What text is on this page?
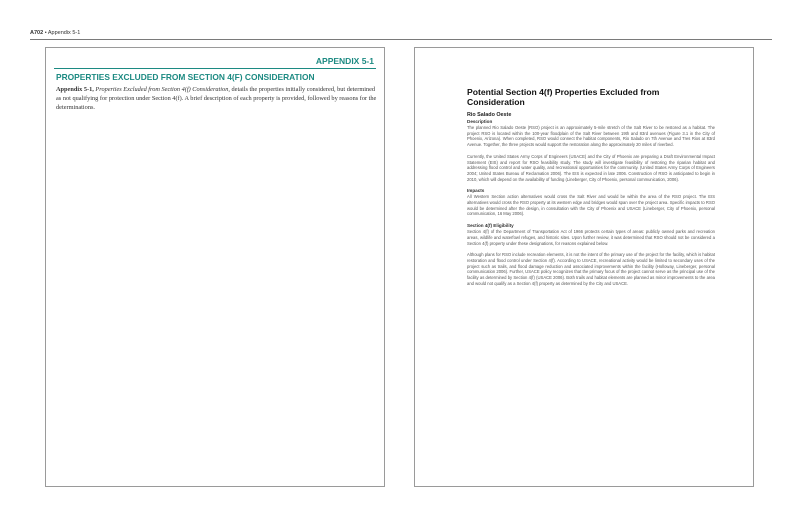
A702 • Appendix 5-1
APPENDIX 5-1
PROPERTIES EXCLUDED FROM SECTION 4(F) CONSIDERATION
Appendix 5-1, Properties Excluded from Section 4(f) Consideration, details the properties initially considered, but determined as not qualifying for protection under Section 4(f). A brief description of each property is provided, followed by reasons for the determinations.
Potential Section 4(f) Properties Excluded from Consideration
Rio Salado Oeste
Description

The planned Rio Salado Oeste (RSO) project is an approximately 5-mile stretch of the Salt River to be restored as a habitat. The project RSO is located within the 100-year floodplain of the Salt River between 19th and 83rd avenues (Figure 3.1 in the City of Phoenix, Arizona). When completed, RSO would connect the habitat components, Rio Salado on 7th Avenue and Tres Rios at 83rd Avenue. Together, the three projects would support the restoration along the approximately 20 miles of riverbed.

Currently, the United States Army Corps of Engineers (USACE) and the City of Phoenix are preparing a Draft Environmental Impact Statement (EIS) and report for RSO feasibility study. The study will investigate feasibility of restoring the riparian habitat and addressing flood control and water quality, and recreational opportunities for the community. (United States Army Corps of Engineers 2004; United States Bureau of Reclamation 2006). The EIS is expected in late 2006. Construction of RSO is anticipated to begin in 2010, which will depend on the availability of funding (Lineberger, City of Phoenix, personal communication, 2006).

Impacts

All Western Section action alternatives would cross the Salt River and would be within the area of the RSO project. The EIS alternatives would cross the RSO property at its western edge and bridges would span over the project area. Specific impacts to RSO would be determined after the design, in consultation with the City of Phoenix and USACE (Lineberger, City of Phoenix, personal communication, 16 May 2006).

Section 4(f) Eligibility

Section 4(f) of the Department of Transportation Act of 1966 protects certain types of areas: publicly owned parks and recreation areas, wildlife and waterfowl refuges, and historic sites. Upon further review, it was determined that RSO should not be considered a Section 4(f) property under these designations, for reasons explained below.

Although plans for RSO include recreation elements, it is not the intent of the primary use of the project for the facility, which is habitat restoration and flood control under Section 4(f). According to USACE, recreational activity would be limited to secondary uses of the project such as trails, and flood damage reduction and associated improvements within the facility (Holloway, Lineberger, personal communication 2006). Further, USACE policy recognizes that the primary focus of the project cannot serve as the principal use of the facility as determined by Section 4(f) (USACE 2006). Both trails and habitat elements are planned as minor improvements to the area and would not qualify as a Section 4(f) property as determined by the City and USACE.
